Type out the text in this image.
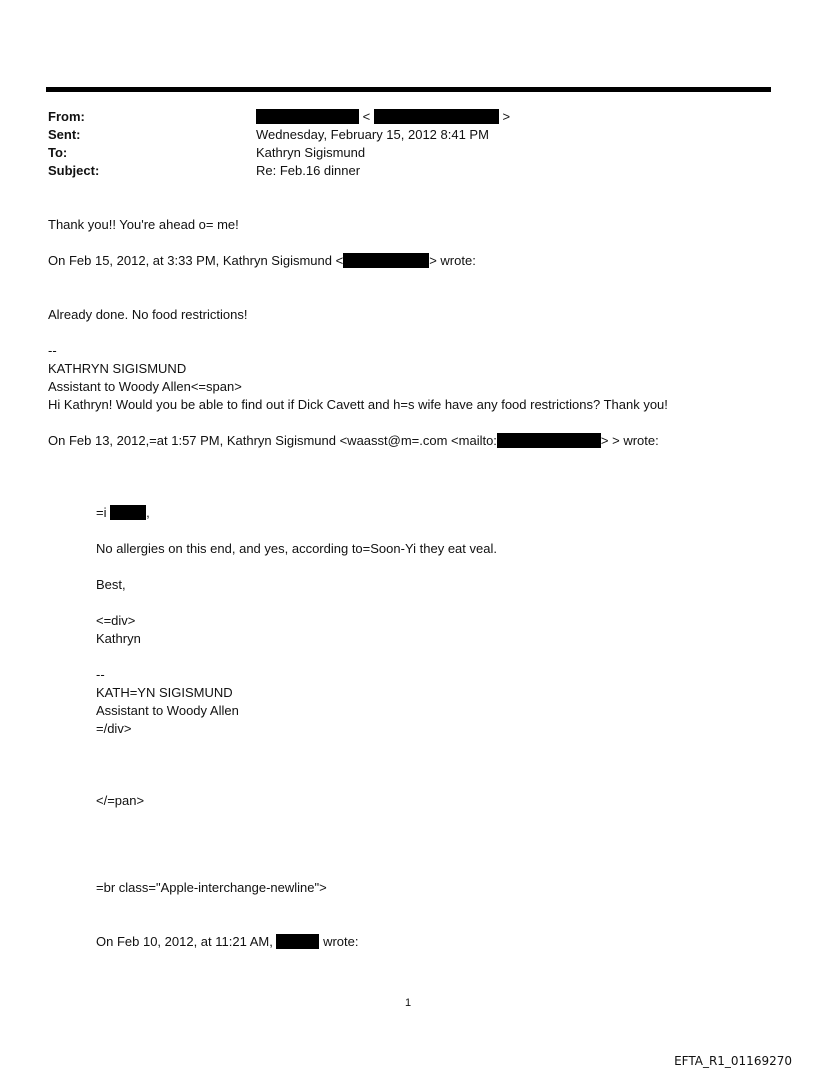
From:	<	>
Sent:	Wednesday, February 15, 2012 8:41 PM
To:	Kathryn Sigismund
Subject:	Re: Feb.16 dinner
Thank you!! You're ahead o= me!
On Feb 15, 2012, at 3:33 PM, Kathryn Sigismund <	> wrote:
Already done. No food restrictions!
--
KATHRYN SIGISMUND
Assistant to Woody Allen<=span>
Hi Kathryn! Would you be able to find out if Dick Cavett and h=s wife have any food restrictions? Thank you!
On Feb 13, 2012,=at 1:57 PM, Kathryn Sigismund <waasst@m=.com <mailto:	> > wrote:
=i	,
No allergies on this end, and yes, according to=Soon-Yi they eat veal.
Best,
<=div>
Kathryn
--
KATH=YN SIGISMUND
Assistant to Woody Allen
=/div>
</=pan>
=br class="Apple-interchange-newline">
On Feb 10, 2012, at 11:21 AM,	wrote:
1
EFTA_R1_01169270
